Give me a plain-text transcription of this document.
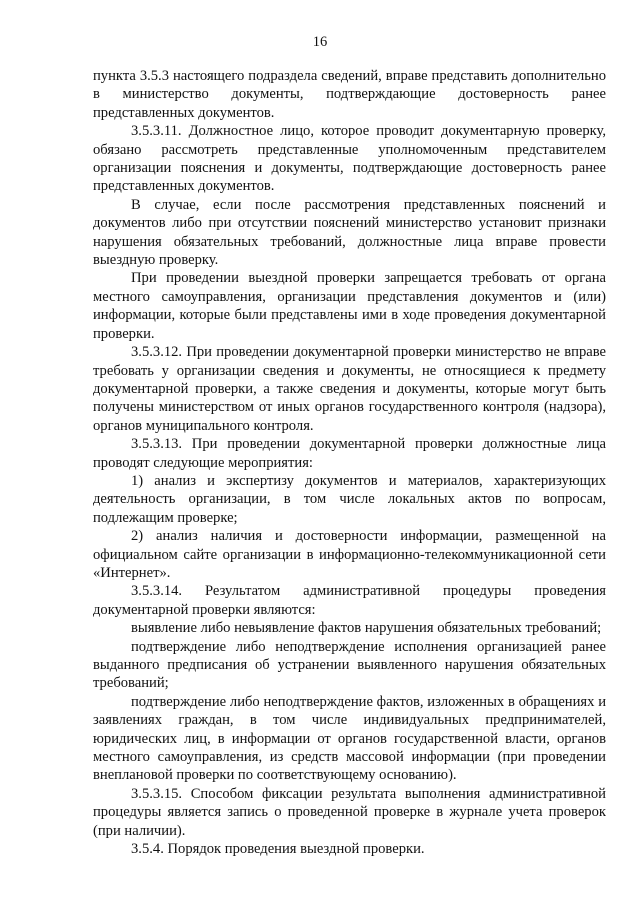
16

пункта 3.5.3 настоящего подраздела сведений, вправе представить дополнительно в министерство документы, подтверждающие достоверность ранее представленных документов.

3.5.3.11. Должностное лицо, которое проводит документарную проверку, обязано рассмотреть представленные уполномоченным представителем организации пояснения и документы, подтверждающие достоверность ранее представленных документов.

В случае, если после рассмотрения представленных пояснений и документов либо при отсутствии пояснений министерство установит признаки нарушения обязательных требований, должностные лица вправе провести выездную проверку.

При проведении выездной проверки запрещается требовать от органа местного самоуправления, организации представления документов и (или) информации, которые были представлены ими в ходе проведения документарной проверки.

3.5.3.12. При проведении документарной проверки министерство не вправе требовать у организации сведения и документы, не относящиеся к предмету документарной проверки, а также сведения и документы, которые могут быть получены министерством от иных органов государственного контроля (надзора), органов муниципального контроля.

3.5.3.13. При проведении документарной проверки должностные лица проводят следующие мероприятия:

1) анализ и экспертизу документов и материалов, характеризующих деятельность организации, в том числе локальных актов по вопросам, подлежащим проверке;

2) анализ наличия и достоверности информации, размещенной на официальном сайте организации в информационно-телекоммуникационной сети «Интернет».

3.5.3.14. Результатом административной процедуры проведения документарной проверки являются:

выявление либо невыявление фактов нарушения обязательных требований;

подтверждение либо неподтверждение исполнения организацией ранее выданного предписания об устранении выявленного нарушения обязательных требований;

подтверждение либо неподтверждение фактов, изложенных в обращениях и заявлениях граждан, в том числе индивидуальных предпринимателей, юридических лиц, в информации от органов государственной власти, органов местного самоуправления, из средств массовой информации (при проведении внеплановой проверки по соответствующему основанию).

3.5.3.15. Способом фиксации результата выполнения административной процедуры является запись о проведенной проверке в журнале учета проверок (при наличии).

3.5.4. Порядок проведения выездной проверки.
